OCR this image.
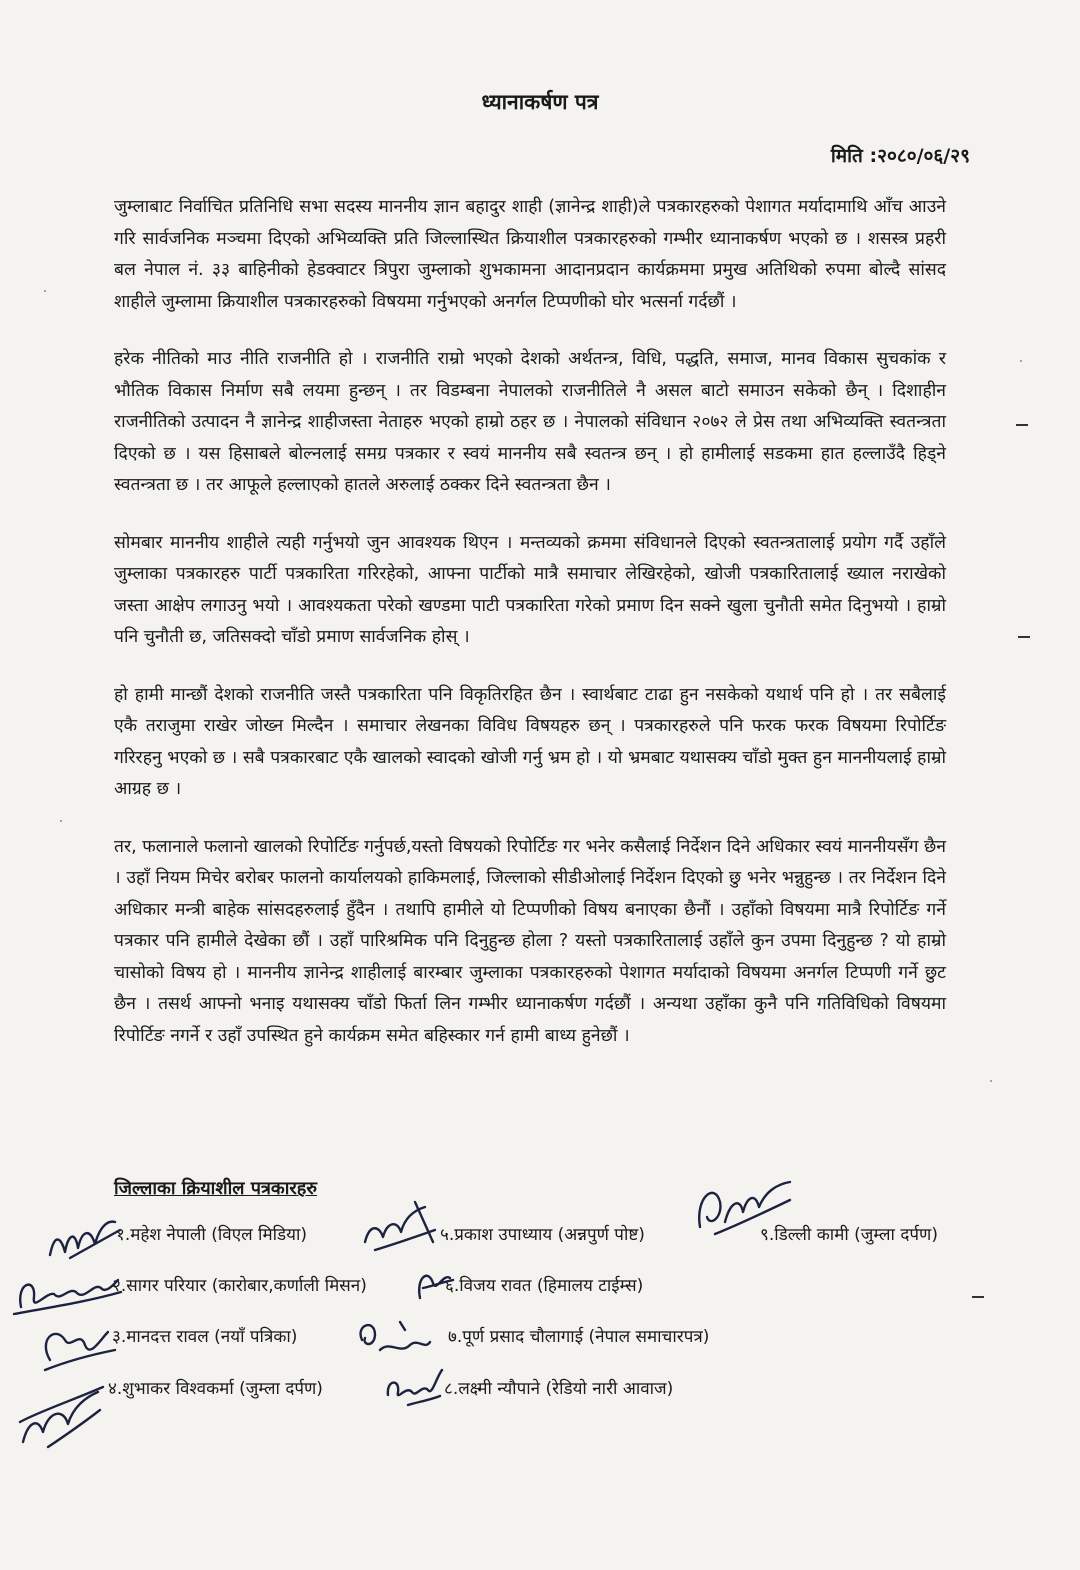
ध्यानाकर्षण पत्र
मिति :२०८०/०६/२९

जुम्लाबाट निर्वाचित प्रतिनिधि सभा सदस्य माननीय ज्ञान बहादुर शाही (ज्ञानेन्द्र शाही)ले पत्रकारहरुको पेशागत मर्यादामाथि आँच आउने गरि सार्वजनिक मञ्चमा दिएको अभिव्यक्ति प्रति जिल्लास्थित क्रियाशील पत्रकारहरुको गम्भीर ध्यानाकर्षण भएको छ । शसस्त्र प्रहरी बल नेपाल नं. ३३ बाहिनीको हेडक्वाटर त्रिपुरा जुम्लाको शुभकामना आदानप्रदान कार्यक्रममा प्रमुख अतिथिको रुपमा बोल्दै सांसद शाहीले जुम्लामा क्रियाशील पत्रकारहरुको विषयमा गर्नुभएको अनर्गल टिप्पणीको घोर भत्सर्ना गर्दछौं ।

हरेक नीतिको माउ नीति राजनीति हो । राजनीति राम्रो भएको देशको अर्थतन्त्र, विधि, पद्धति, समाज, मानव विकास सुचकांक र भौतिक विकास निर्माण सबै लयमा हुन्छन् । तर विडम्बना नेपालको राजनीतिले नै असल बाटो समाउन सकेको छैन् । दिशाहीन राजनीतिको उत्पादन नै ज्ञानेन्द्र शाहीजस्ता नेताहरु भएको हाम्रो ठहर छ । नेपालको संविधान २०७२ ले प्रेस तथा अभिव्यक्ति स्वतन्त्रता दिएको छ । यस हिसाबले बोल्नलाई समग्र पत्रकार र स्वयं माननीय सबै स्वतन्त्र छन् । हो हामीलाई सडकमा हात हल्लाउँदै हिड्ने स्वतन्त्रता छ । तर आफूले हल्लाएको हातले अरुलाई ठक्कर दिने स्वतन्त्रता छैन ।

सोमबार माननीय शाहीले त्यही गर्नुभयो जुन आवश्यक थिएन । मन्तव्यको क्रममा संविधानले दिएको स्वतन्त्रतालाई प्रयोग गर्दै उहाँले जुम्लाका पत्रकारहरु पार्टी पत्रकारिता गरिरहेको, आफ्ना पार्टीको मात्रै समाचार लेखिरहेको, खोजी पत्रकारितालाई ख्याल नराखेको जस्ता आक्षेप लगाउनु भयो । आवश्यकता परेको खण्डमा पाटी पत्रकारिता गरेको प्रमाण दिन सक्ने खुला चुनौती समेत दिनुभयो । हाम्रो पनि चुनौती छ, जतिसक्दो चाँडो प्रमाण सार्वजनिक होस् ।

हो हामी मान्छौं देशको राजनीति जस्तै पत्रकारिता पनि विकृतिरहित छैन । स्वार्थबाट टाढा हुन नसकेको यथार्थ पनि हो । तर सबैलाई एकै तराजुमा राखेर जोख्न मिल्दैन । समाचार लेखनका विविध विषयहरु छन् । पत्रकारहरुले पनि फरक फरक विषयमा रिपोर्टिङ गरिरहनु भएको छ । सबै पत्रकारबाट एकै खालको स्वादको खोजी गर्नु भ्रम हो । यो भ्रमबाट यथासक्य चाँडो मुक्त हुन माननीयलाई हाम्रो आग्रह छ ।

तर, फलानाले फलानो खालको रिपोर्टिङ गर्नुपर्छ,यस्तो विषयको रिपोर्टिङ गर भनेर कसैलाई निर्देशन दिने अधिकार स्वयं माननीयसँग छैन । उहाँ नियम मिचेर बरोबर फालनो कार्यालयको हाकिमलाई, जिल्लाको सीडीओलाई निर्देशन दिएको छु भनेर भन्नुहुन्छ । तर निर्देशन दिने अधिकार मन्त्री बाहेक सांसदहरुलाई हुँदैन । तथापि हामीले यो टिप्पणीको विषय बनाएका छैनौं । उहाँको विषयमा मात्रै रिपोर्टिङ गर्ने पत्रकार पनि हामीले देखेका छौं । उहाँ पारिश्रमिक पनि दिनुहुन्छ होला ? यस्तो पत्रकारितालाई उहाँले कुन उपमा दिनुहुन्छ ? यो हाम्रो चासोको विषय हो । माननीय ज्ञानेन्द्र शाहीलाई बारम्बार जुम्लाका पत्रकारहरुको पेशागत मर्यादाको विषयमा अनर्गल टिप्पणी गर्ने छुट छैन । तसर्थ आफ्नो भनाइ यथासक्य चाँडो फिर्ता लिन गम्भीर ध्यानाकर्षण गर्दछौं । अन्यथा उहाँका कुनै पनि गतिविधिको विषयमा रिपोर्टिङ नगर्ने र उहाँ उपस्थित हुने कार्यक्रम समेत बहिस्कार गर्न हामी बाध्य हुनेछौं ।

जिल्लाका क्रियाशील पत्रकारहरु
१.महेश नेपाली (विएल मिडिया)
२.सागर परियार (कारोबार,कर्णाली मिसन)
३.मानदत्त रावल (नयाँ पत्रिका)
४.शुभाकर विश्वकर्मा (जुम्ला दर्पण)
५.प्रकाश उपाध्याय (अन्नपुर्ण पोष्ट)
६.विजय रावत (हिमालय टाईम्स)
७.पूर्ण प्रसाद चौलागाई (नेपाल समाचारपत्र)
८.लक्ष्मी न्यौपाने (रेडियो नारी आवाज)
९.डिल्ली कामी (जुम्ला दर्पण)
